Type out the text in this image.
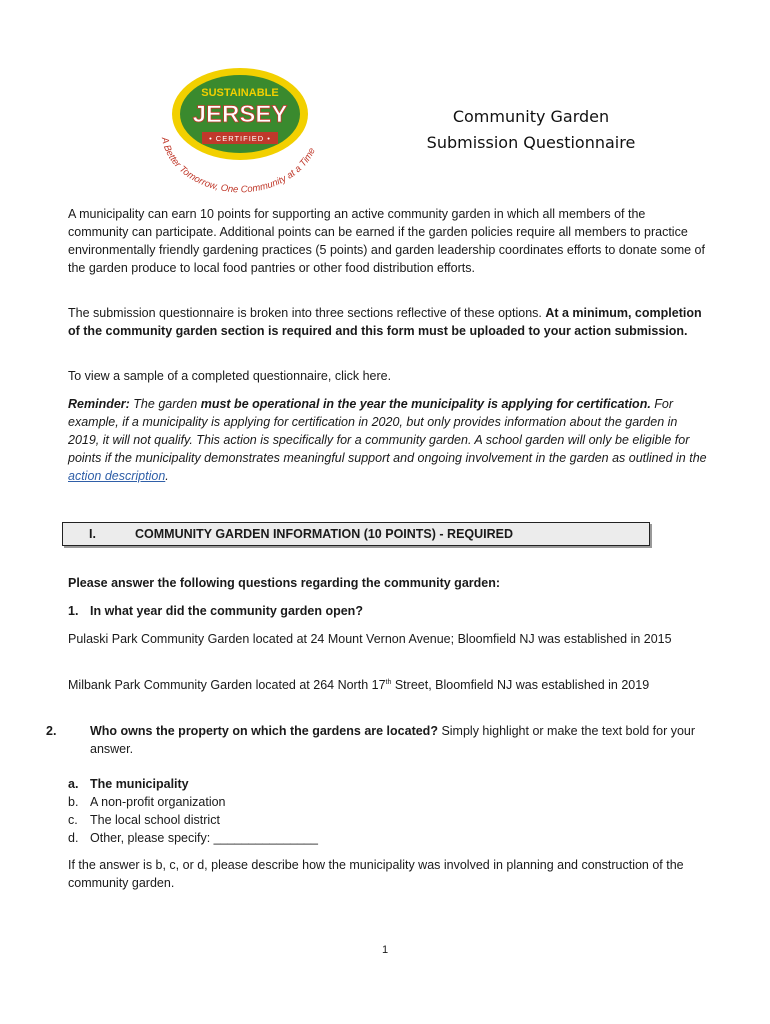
SUSTAINABLE
JERSEY
• CERTIFIED •
A Better Tomorrow, One Community at a Time
Community Garden
Submission Questionnaire
A municipality can earn 10 points for supporting an active community garden in which all members of the community can participate. Additional points can be earned if the garden policies require all members to practice environmentally friendly gardening practices (5 points) and garden leadership coordinates efforts to donate some of the garden produce to local food pantries or other food distribution efforts.
The submission questionnaire is broken into three sections reflective of these options. At a minimum, completion of the community garden section is required and this form must be uploaded to your action submission.
To view a sample of a completed questionnaire, click here.
Reminder: The garden must be operational in the year the municipality is applying for certification. For example, if a municipality is applying for certification in 2020, but only provides information about the garden in 2019, it will not qualify. This action is specifically for a community garden. A school garden will only be eligible for points if the municipality demonstrates meaningful support and ongoing involvement in the garden as outlined in the action description.
I.	COMMUNITY GARDEN INFORMATION (10 POINTS) - REQUIRED
Please answer the following questions regarding the community garden:
1. In what year did the community garden open?
Pulaski Park Community Garden located at 24 Mount Vernon Avenue; Bloomfield NJ was established in 2015
Milbank Park Community Garden located at 264 North 17th Street, Bloomfield NJ was established in 2019
2.	Who owns the property on which the gardens are located? Simply highlight or make the text bold for your answer.
a. The municipality
b. A non-profit organization
c. The local school district
d. Other, please specify: _______________
If the answer is b, c, or d, please describe how the municipality was involved in planning and construction of the community garden.
1
